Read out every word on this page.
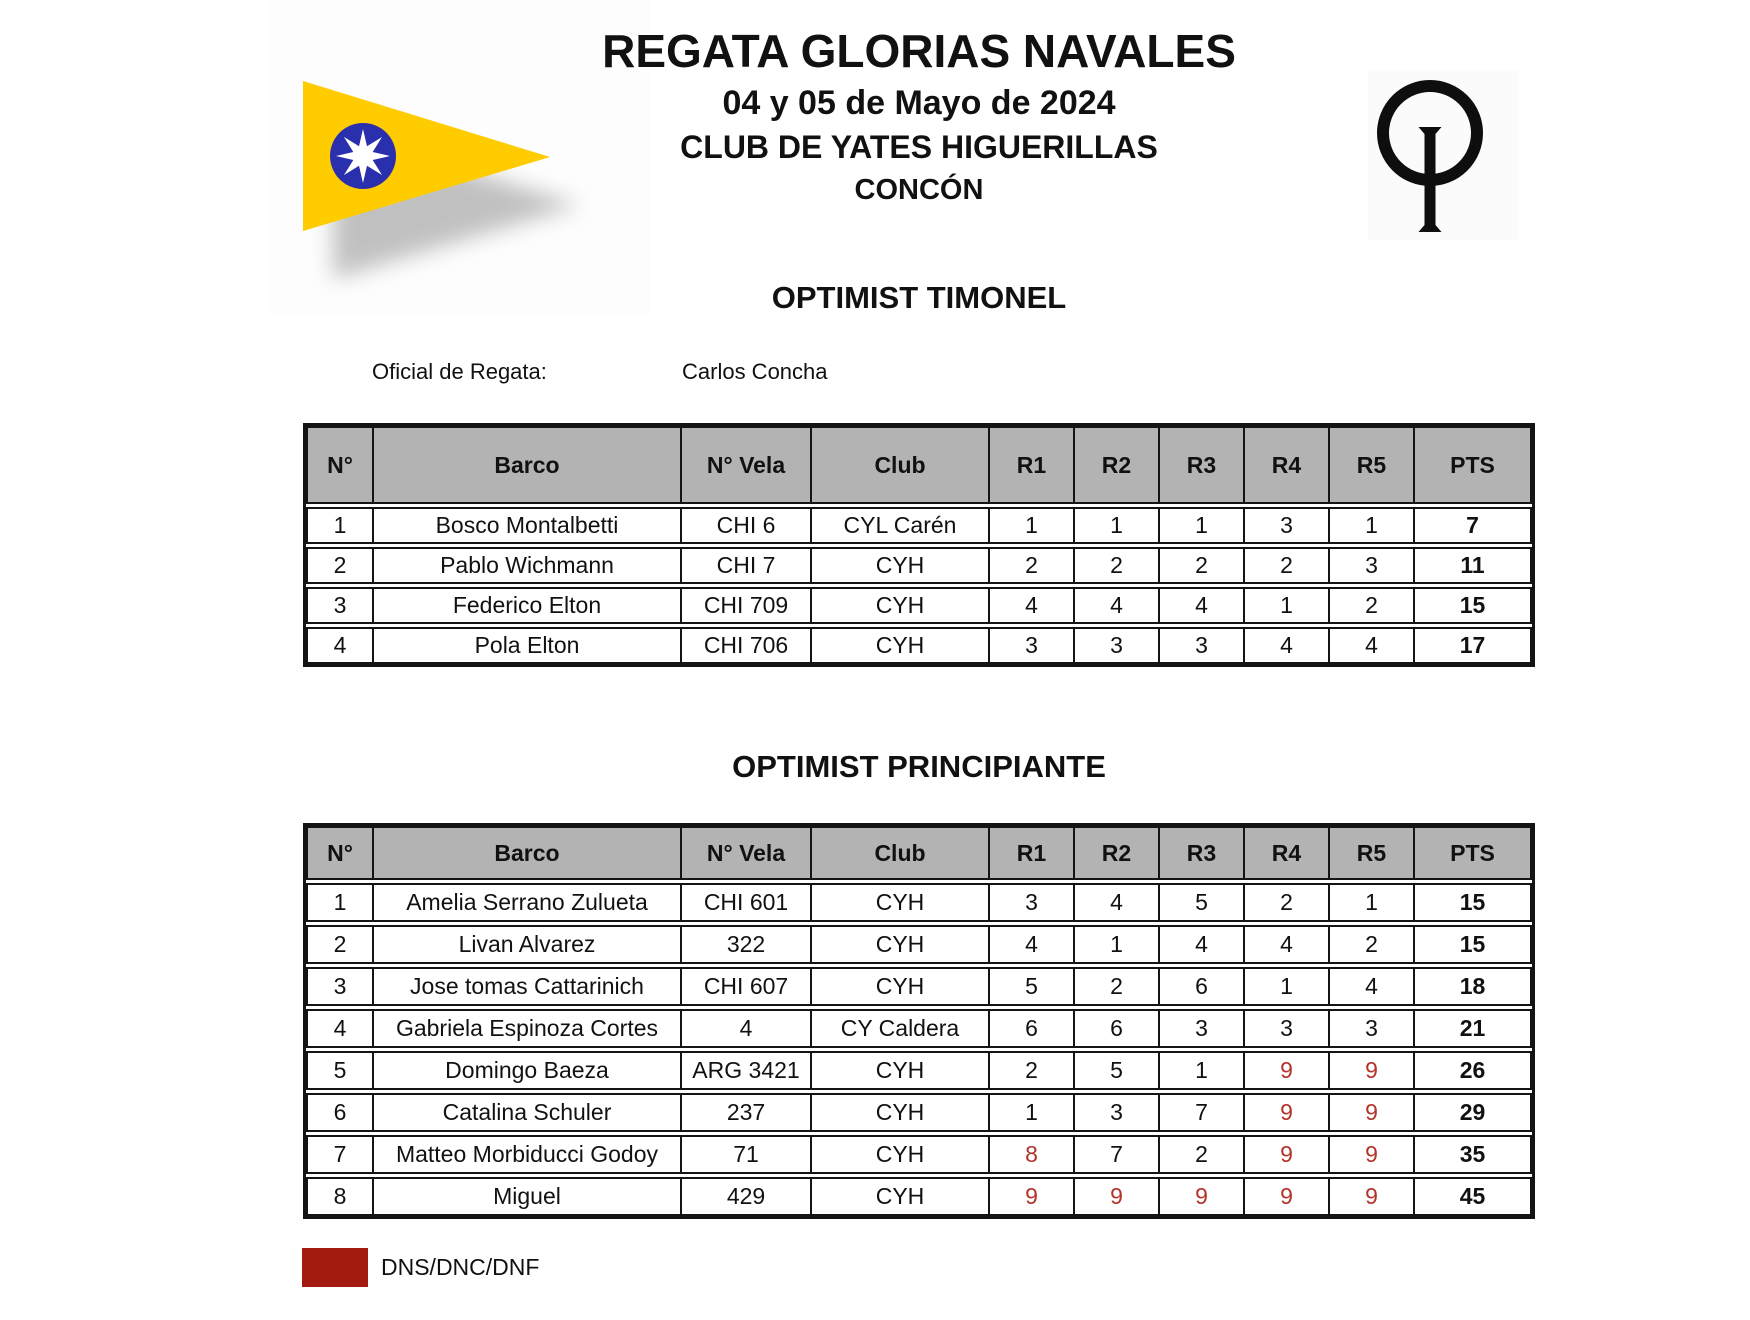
REGATA GLORIAS NAVALES
04 y 05 de Mayo de 2024
CLUB DE YATES HIGUERILLAS
CONCÓN
OPTIMIST TIMONEL
Oficial de Regata:	Carlos Concha
N°	Barco	N° Vela	Club	R1	R2	R3	R4	R5	PTS
1	Bosco Montalbetti	CHI 6	CYL Carén	1	1	1	3	1	7
2	Pablo Wichmann	CHI 7	CYH	2	2	2	2	3	11
3	Federico Elton	CHI 709	CYH	4	4	4	1	2	15
4	Pola Elton	CHI 706	CYH	3	3	3	4	4	17
OPTIMIST PRINCIPIANTE
N°	Barco	N° Vela	Club	R1	R2	R3	R4	R5	PTS
1	Amelia Serrano Zulueta	CHI 601	CYH	3	4	5	2	1	15
2	Livan Alvarez	322	CYH	4	1	4	4	2	15
3	Jose tomas Cattarinich	CHI 607	CYH	5	2	6	1	4	18
4	Gabriela Espinoza Cortes	4	CY Caldera	6	6	3	3	3	21
5	Domingo Baeza	ARG 3421	CYH	2	5	1	9	9	26
6	Catalina Schuler	237	CYH	1	3	7	9	9	29
7	Matteo Morbiducci Godoy	71	CYH	8	7	2	9	9	35
8	Miguel	429	CYH	9	9	9	9	9	45
DNS/DNC/DNF
